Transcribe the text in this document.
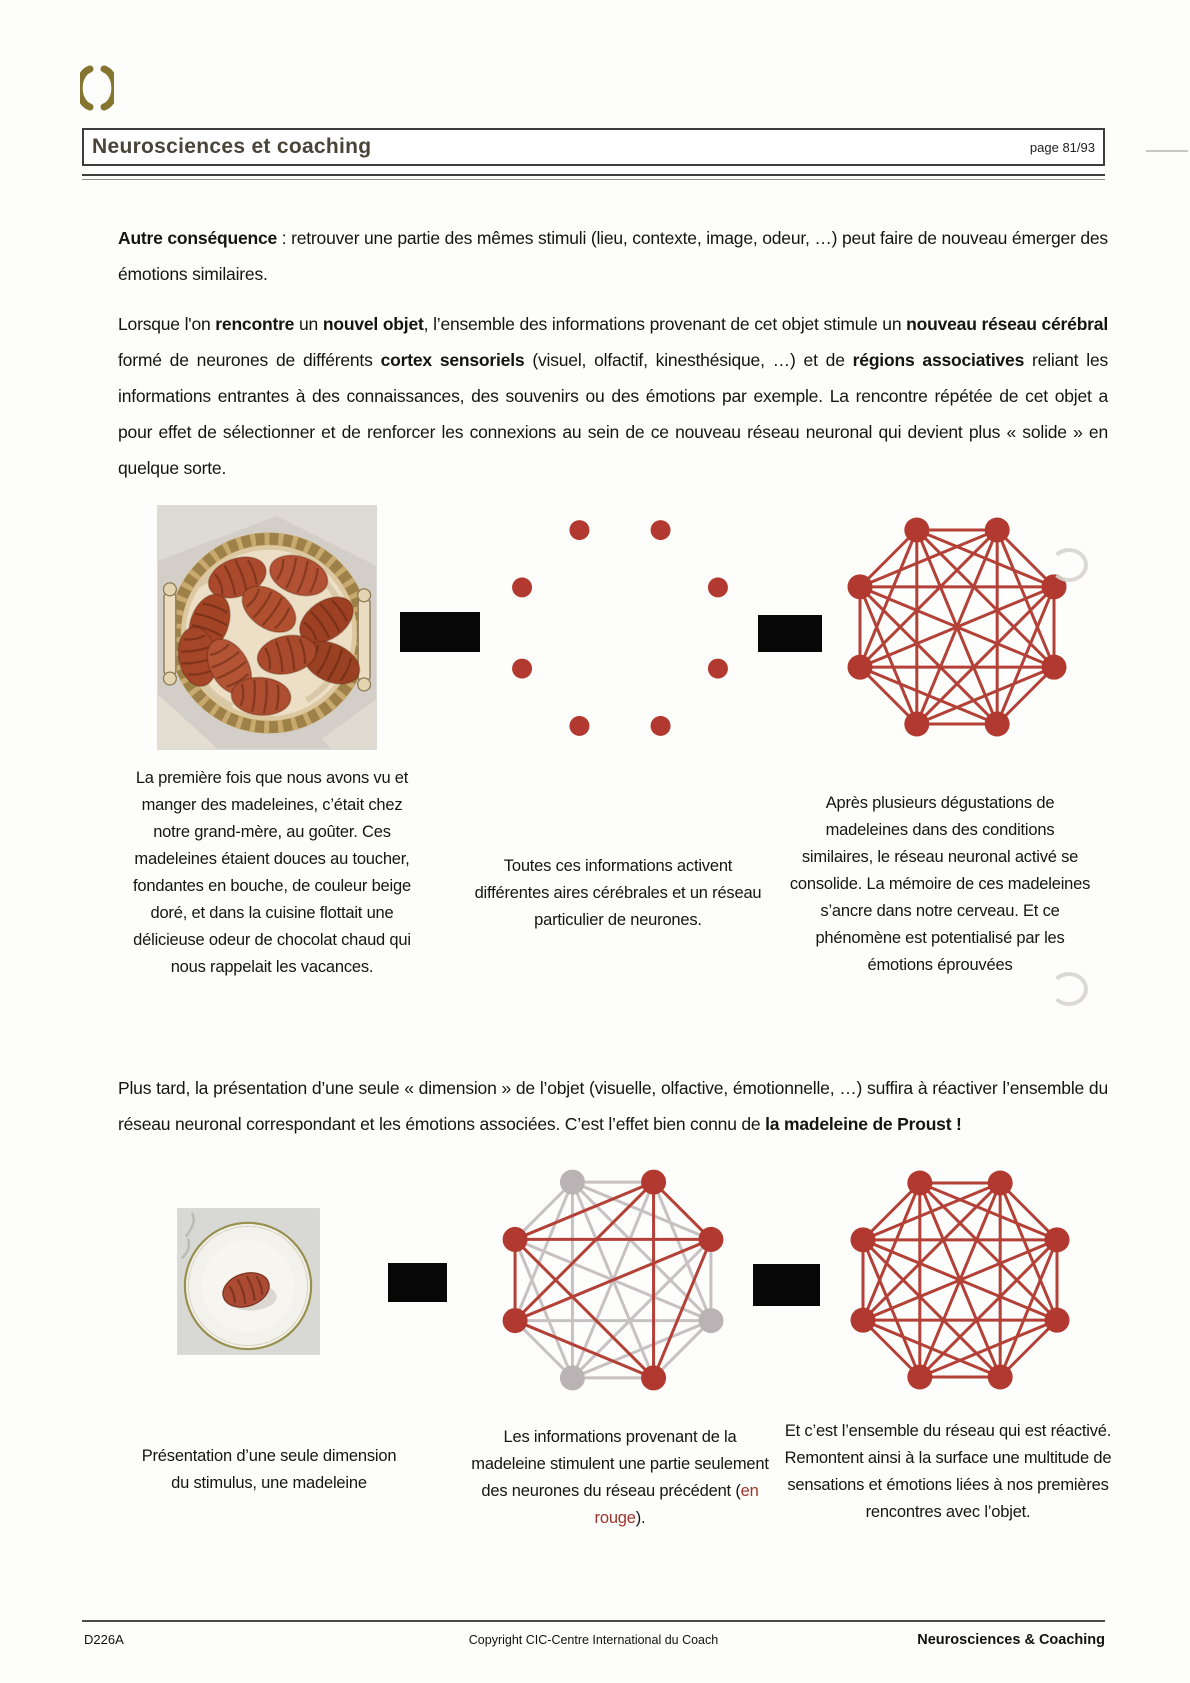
Neurosciences et coaching	page 81/93

Autre conséquence : retrouver une partie des mêmes stimuli (lieu, contexte, image, odeur, …) peut faire de nouveau émerger des émotions similaires.

Lorsque l'on rencontre un nouvel objet, l’ensemble des informations provenant de cet objet stimule un nouveau réseau cérébral formé de neurones de différents cortex sensoriels (visuel, olfactif, kinesthésique, …) et de régions associatives reliant les informations entrantes à des connaissances, des souvenirs ou des émotions par exemple. La rencontre répétée de cet objet a pour effet de sélectionner et de renforcer les connexions au sein de ce nouveau réseau neuronal qui devient plus « solide » en quelque sorte.

La première fois que nous avons vu et manger des madeleines, c’était chez notre grand-mère, au goûter. Ces madeleines étaient douces au toucher, fondantes en bouche, de couleur beige doré, et dans la cuisine flottait une délicieuse odeur de chocolat chaud qui nous rappelait les vacances.
Toutes ces informations activent différentes aires cérébrales et un réseau particulier de neurones.
Après plusieurs dégustations de madeleines dans des conditions similaires, le réseau neuronal activé se consolide. La mémoire de ces madeleines s’ancre dans notre cerveau. Et ce phénomène est potentialisé par les émotions éprouvées

Plus tard, la présentation d’une seule « dimension » de l’objet (visuelle, olfactive, émotionnelle, …) suffira à réactiver l’ensemble du réseau neuronal correspondant et les émotions associées. C’est l’effet bien connu de la madeleine de Proust !

Présentation d’une seule dimension du stimulus, une madeleine
Les informations provenant de la madeleine stimulent une partie seulement des neurones du réseau précédent (en rouge).
Et c’est l’ensemble du réseau qui est réactivé. Remontent ainsi à la surface une multitude de sensations et émotions liées à nos premières rencontres avec l’objet.
D226A	Copyright CIC-Centre International du Coach	Neurosciences & Coaching
